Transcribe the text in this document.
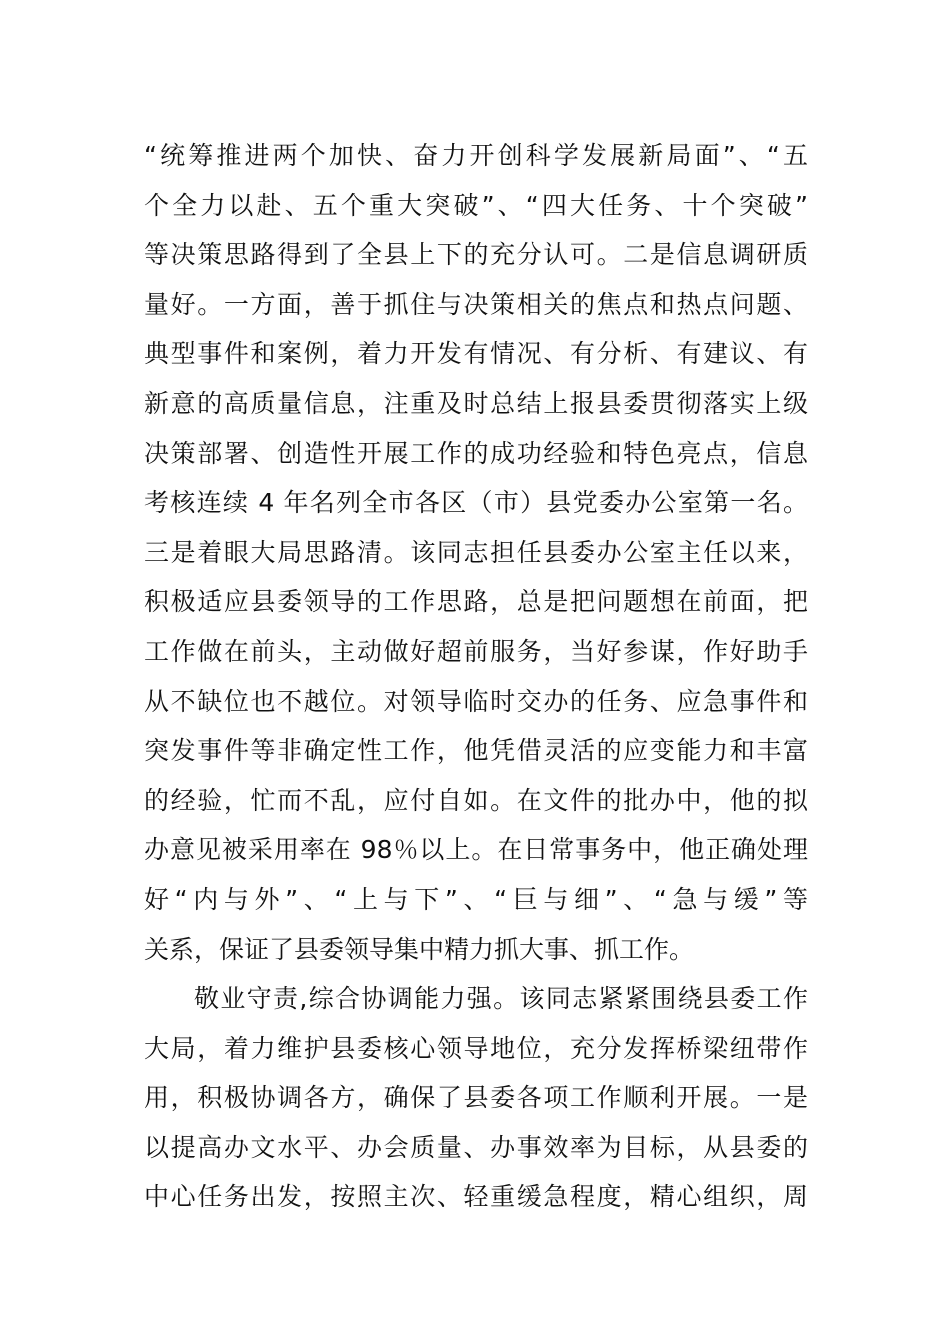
“统筹推进两个加快、奋力开创科学发展新局面”、“五
个全力以赴、五个重大突破”、“四大任务、十个突破”
等决策思路得到了全县上下的充分认可。二是信息调研质
量好。一方面，善于抓住与决策相关的焦点和热点问题、
典型事件和案例，着力开发有情况、有分析、有建议、有
新意的高质量信息，注重及时总结上报县委贯彻落实上级
决策部署、创造性开展工作的成功经验和特色亮点，信息
考核连续 4 年名列全市各区（市）县党委办公室第一名。
三是着眼大局思路清。该同志担任县委办公室主任以来，
积极适应县委领导的工作思路，总是把问题想在前面，把
工作做在前头，主动做好超前服务，当好参谋，作好助手
从不缺位也不越位。对领导临时交办的任务、应急事件和
突发事件等非确定性工作，他凭借灵活的应变能力和丰富
的经验，忙而不乱，应付自如。在文件的批办中，他的拟
办意见被采用率在 98％以上。在日常事务中，他正确处理
好“内与外”、“上与下”、“巨与细”、“急与缓”等
关系，保证了县委领导集中精力抓大事、抓工作。
敬业守责,综合协调能力强。该同志紧紧围绕县委工作
大局，着力维护县委核心领导地位，充分发挥桥梁纽带作
用，积极协调各方，确保了县委各项工作顺利开展。一是
以提高办文水平、办会质量、办事效率为目标，从县委的
中心任务出发，按照主次、轻重缓急程度，精心组织，周
